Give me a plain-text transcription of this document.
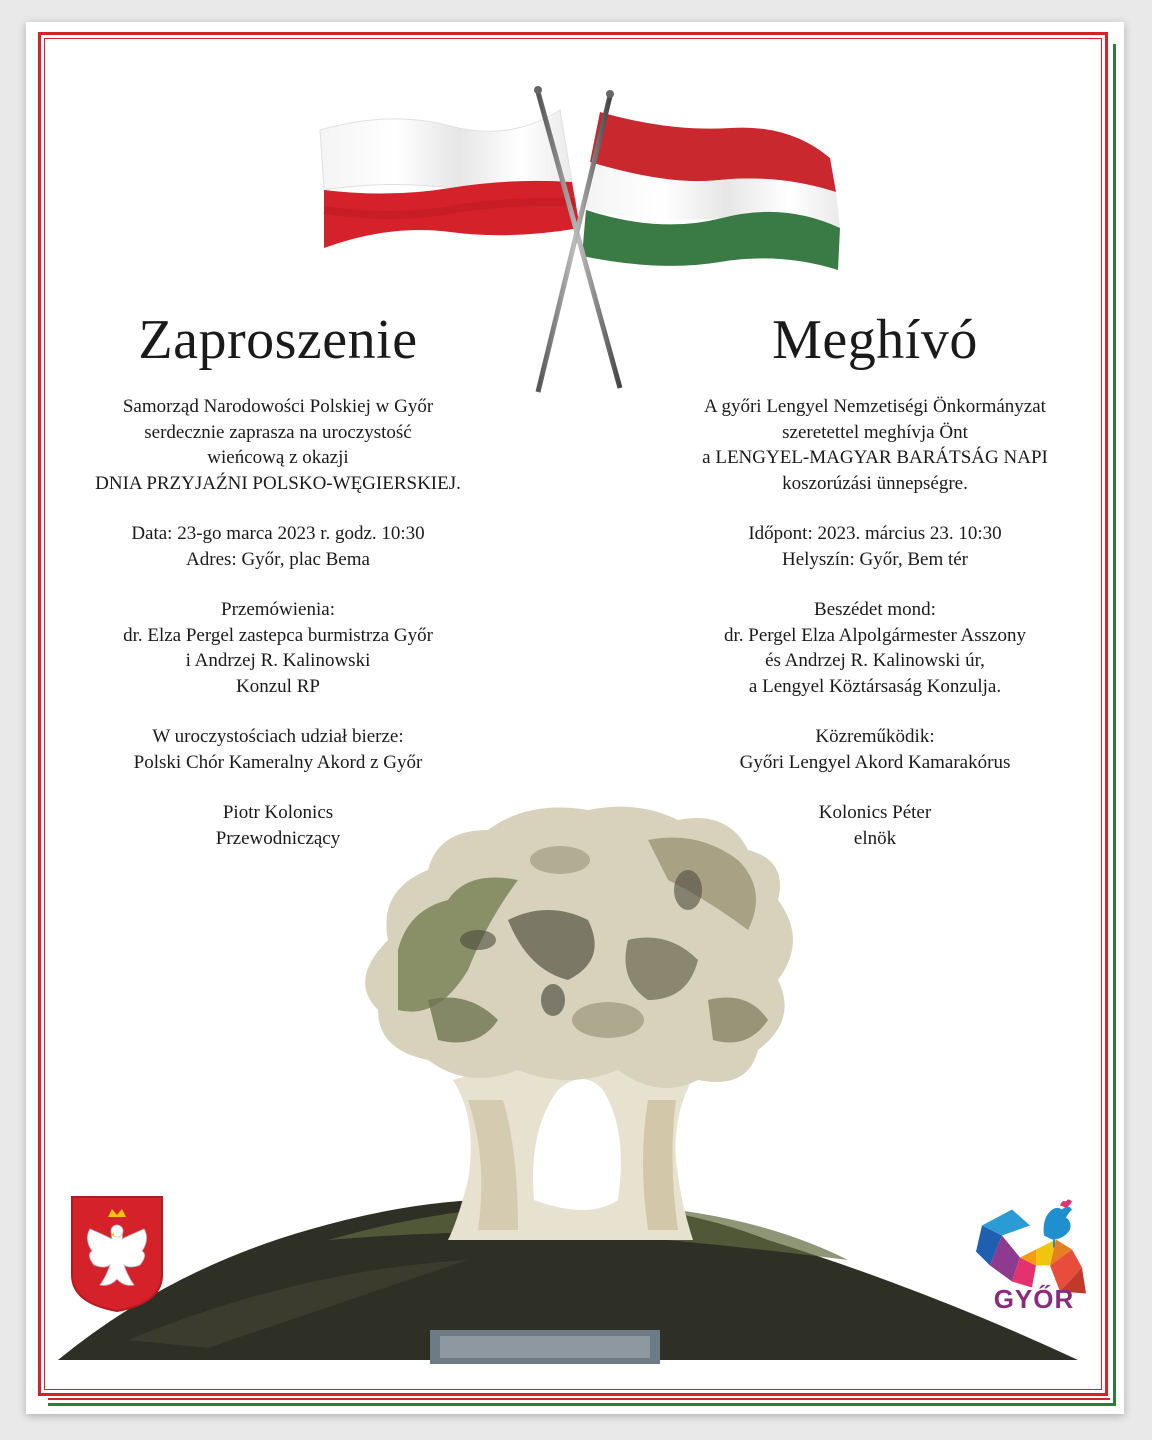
Zaproszenie
Samorząd Narodowości Polskiej w Győr
serdecznie zaprasza na uroczystość
wieńcową z okazji
DNIA PRZYJAŹNI POLSKO-WĘGIERSKIEJ.
Data: 23-go marca 2023 r. godz. 10:30
Adres: Győr, plac Bema
Przemówienia:
dr. Elza Pergel zastepca burmistrza Győr
i Andrzej R. Kalinowski
Konzul RP
W uroczystościach udział bierze:
Polski Chór Kameralny Akord z Győr
Piotr Kolonics
Przewodniczący
Meghívó
A győri Lengyel Nemzetiségi Önkormányzat
szeretettel meghívja Önt
a LENGYEL-MAGYAR BARÁTSÁG NAPI
koszorúzási ünnepségre.
Időpont: 2023. március 23. 10:30
Helyszín: Győr, Bem tér
Beszédet mond:
dr. Pergel Elza Alpolgármester Asszony
és Andrzej R. Kalinowski úr,
a Lengyel Köztársaság Konzulja.
Közreműködik:
Győri Lengyel Akord Kamarakórus
Kolonics Péter
elnök
GYŐR
